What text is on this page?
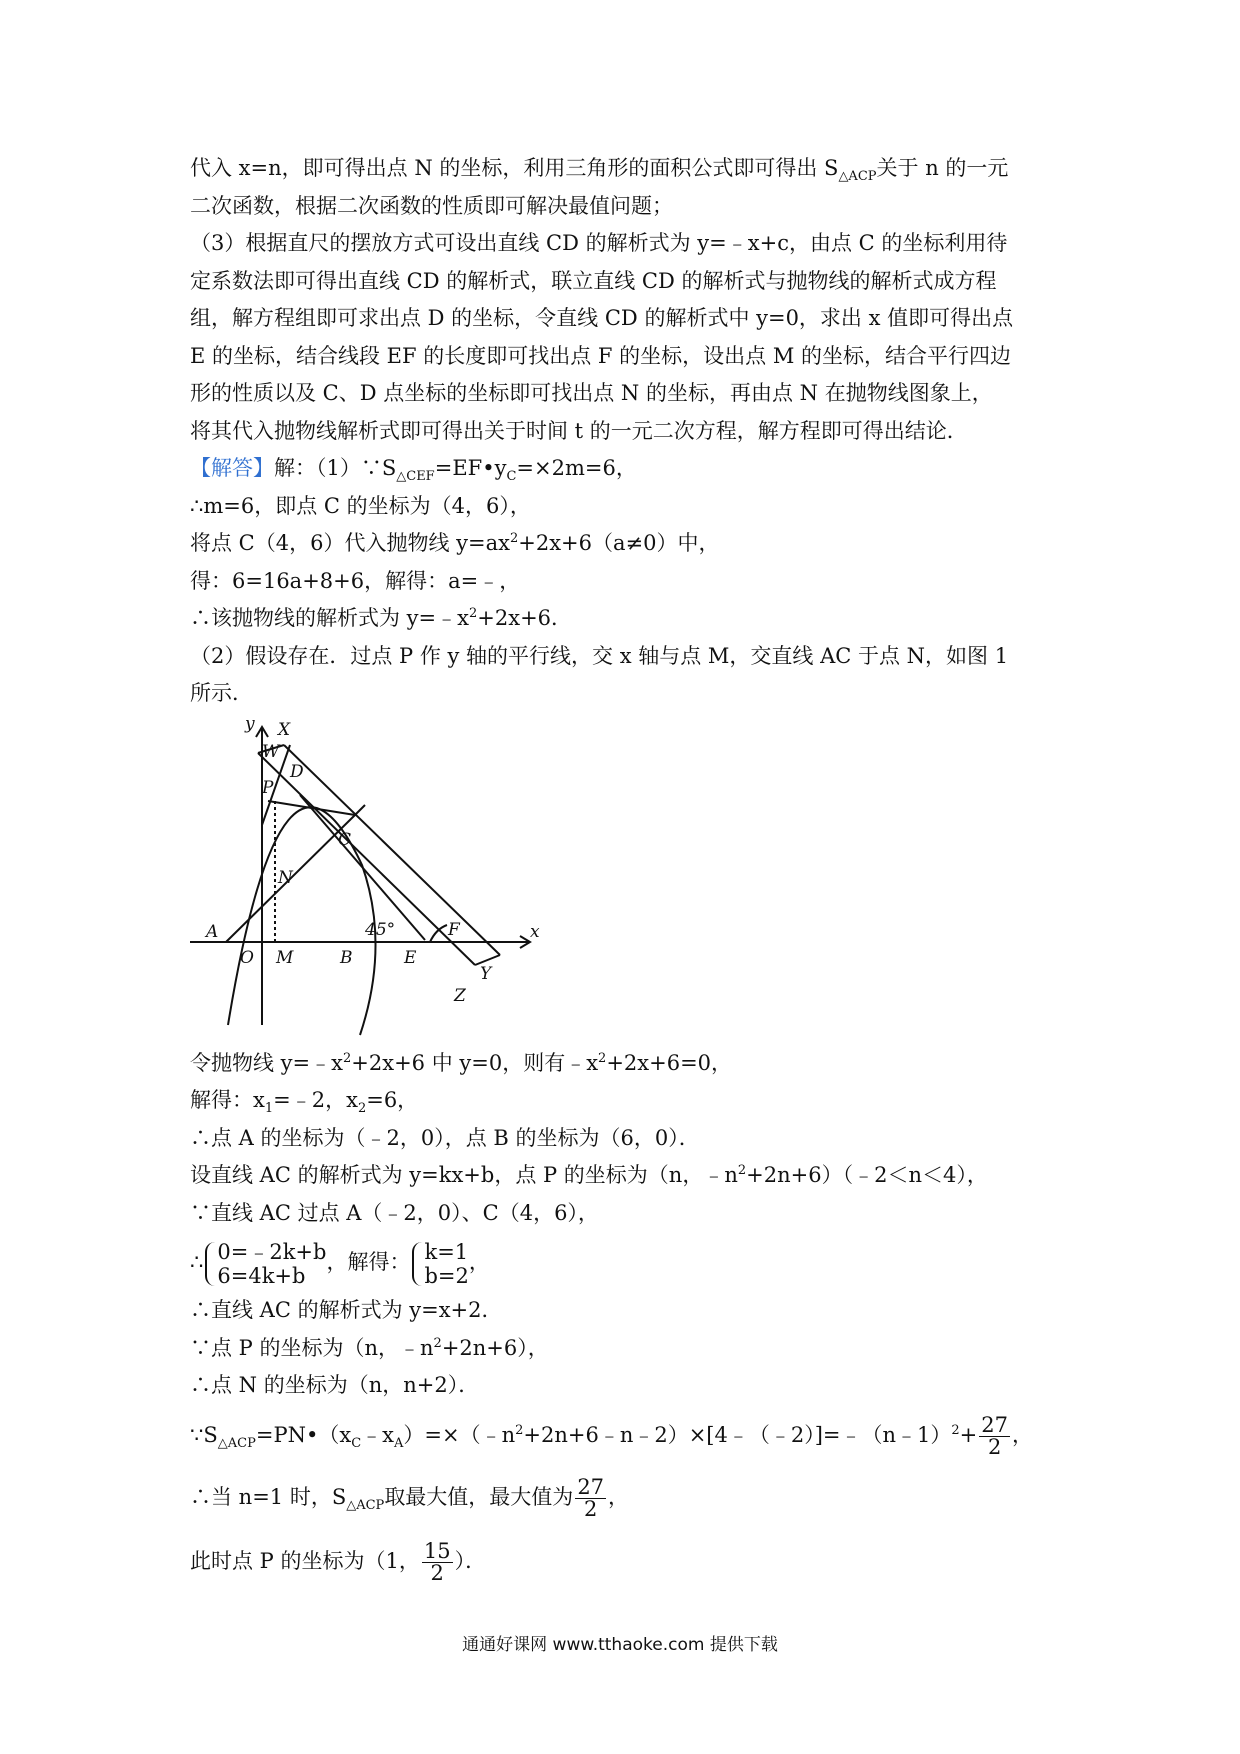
代入 x=n，即可得出点 N 的坐标，利用三角形的面积公式即可得出 $S_{\triangle ACP}$关于 n 的一元
二次函数，根据二次函数的性质即可解决最值问题；
（3）根据直尺的摆放方式可设出直线 CD 的解析式为 y=﹣x+c，由点 C 的坐标利用待
定系数法即可得出直线 CD 的解析式，联立直线 CD 的解析式与抛物线的解析式成方程
组，解方程组即可求出点 D 的坐标，令直线 CD 的解析式中 y=0，求出 x 值即可得出点
E 的坐标，结合线段 EF 的长度即可找出点 F 的坐标，设出点 M 的坐标，结合平行四边
形的性质以及 C、D 点坐标的坐标即可找出点 N 的坐标，再由点 N 在抛物线图象上，
将其代入抛物线解析式即可得出关于时间 t 的一元二次方程，解方程即可得出结论．
【解答】解：$(1)\because S_{\triangle CEF}=EF•y_C=\times 2m=6$，
∴m=6，即点 C 的坐标为（4，6），
将点 C（4，6）代入抛物线 $y=ax^2+2x+6(a\ne 0)$中，
得：6=16a+8+6，解得：a=﹣，
∴该抛物线的解析式为 $y=﹣x^2+2x+6$．
（2）假设存在．过点 P 作 y 轴的平行线，交 x 轴与点 M，交直线 AC 于点 N，如图 1
所示．
y X
W
D
P
C
N
A
O M	B	E
F
45°	x
Y
Z
令抛物线 $y=﹣x^2+2x+6$ 中 y=0，则有$﹣x^2+2x+6=0$，
解得：$x_1=﹣2$，$x_2=6$，
∴点 A 的坐标为（﹣2，0），点 B 的坐标为（6，0）．
设直线 AC 的解析式为 y=kx+b，点 P 的坐标为（n，$﹣n^2+2n+6)(﹣2<n<4)$，
∵直线 AC 过点 A（﹣2，0）、C（4，6），
∴ 0=﹣2k+b
6=4k+b
，解得： k=1
b=2
，
∴直线 AC 的解析式为 y=x+2．
∵点 P 的坐标为（n，$﹣n^2+2n+6$），
∴点 N 的坐标为（n，n+2）．
$\because S_{\triangle ACP}=PN•(x_C﹣x_A)=\times(﹣n^2+2n+6﹣n﹣2)\times[4﹣(﹣2)]=﹣(n﹣1)^2+ \frac{27}{2}$ ，
∴当 n=1 时，$S_{\triangle ACP}$取最大值，最大值为 $\frac{27}{2}$ ，
此时点 P 的坐标为（1， $\frac{15}{2}$ ）．
通通好课网 www.tthaoke.com 提供下载
